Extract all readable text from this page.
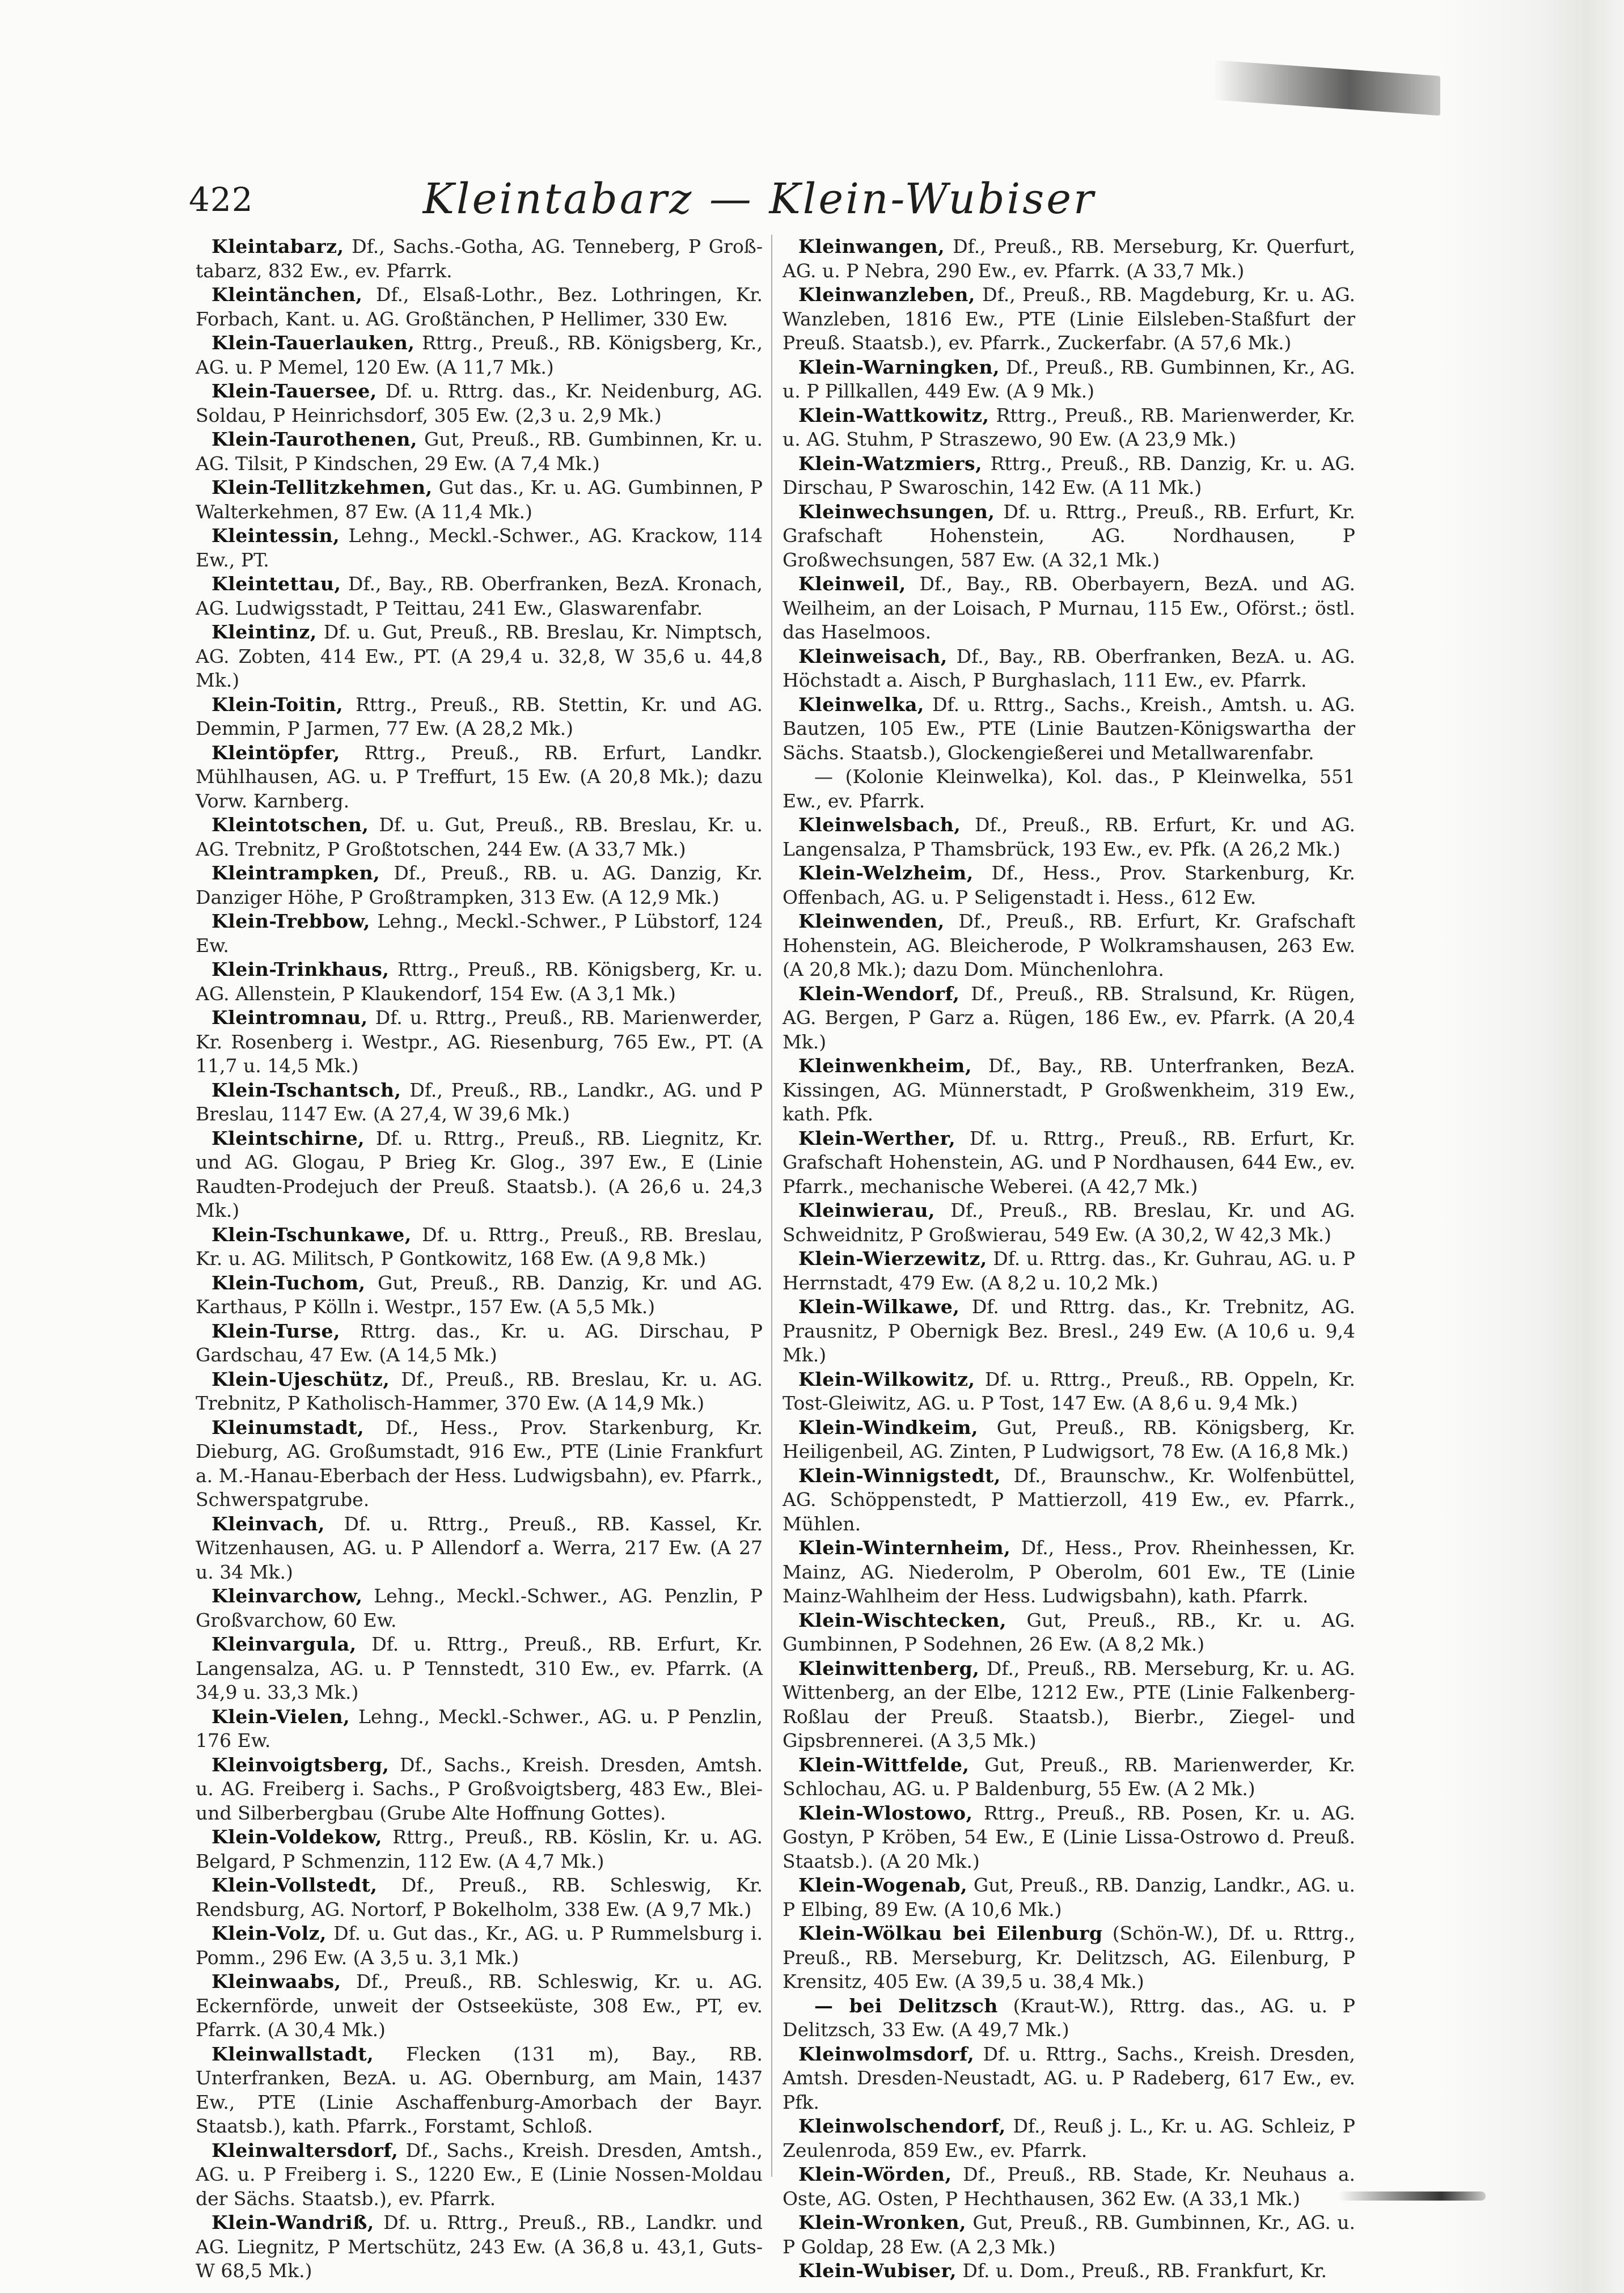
422	Kleintabarz — Klein-Wubiser

Kleintabarz, Df., Sachs.-Gotha, AG. Tenneberg, P Groß-tabarz, 832 Ew., ev. Pfarrk.

Kleintänchen, Df., Elsaß-Lothr., Bez. Lothringen, Kr. Forbach, Kant. u. AG. Großtänchen, P Hellimer, 330 Ew.

Klein-Tauerlauken, Rttrg., Preuß., RB. Königsberg, Kr., AG. u. P Memel, 120 Ew. (A 11,7 Mk.)

Klein-Tauersee, Df. u. Rttrg. das., Kr. Neidenburg, AG. Soldau, P Heinrichsdorf, 305 Ew. (2,3 u. 2,9 Mk.)

Klein-Taurothenen, Gut, Preuß., RB. Gumbinnen, Kr. u. AG. Tilsit, P Kindschen, 29 Ew. (A 7,4 Mk.)

Klein-Tellitzkehmen, Gut das., Kr. u. AG. Gumbinnen, P Walterkehmen, 87 Ew. (A 11,4 Mk.)

Kleintessin, Lehng., Meckl.-Schwer., AG. Krackow, 114 Ew., PT.

Kleintettau, Df., Bay., RB. Oberfranken, BezA. Kronach, AG. Ludwigsstadt, P Teittau, 241 Ew., Glaswarenfabr.

Kleintinz, Df. u. Gut, Preuß., RB. Breslau, Kr. Nimptsch, AG. Zobten, 414 Ew., PT. (A 29,4 u. 32,8, W 35,6 u. 44,8 Mk.)

Klein-Toitin, Rttrg., Preuß., RB. Stettin, Kr. und AG. Demmin, P Jarmen, 77 Ew. (A 28,2 Mk.)

Kleintöpfer, Rttrg., Preuß., RB. Erfurt, Landkr. Mühlhausen, AG. u. P Treffurt, 15 Ew. (A 20,8 Mk.); dazu Vorw. Karnberg.

Kleintotschen, Df. u. Gut, Preuß., RB. Breslau, Kr. u. AG. Trebnitz, P Großtotschen, 244 Ew. (A 33,7 Mk.)

Kleintrampken, Df., Preuß., RB. u. AG. Danzig, Kr. Danziger Höhe, P Großtrampken, 313 Ew. (A 12,9 Mk.)

Klein-Trebbow, Lehng., Meckl.-Schwer., P Lübstorf, 124 Ew.

Klein-Trinkhaus, Rttrg., Preuß., RB. Königsberg, Kr. u. AG. Allenstein, P Klaukendorf, 154 Ew. (A 3,1 Mk.)

Kleintromnau, Df. u. Rttrg., Preuß., RB. Marienwerder, Kr. Rosenberg i. Westpr., AG. Riesenburg, 765 Ew., PT. (A 11,7 u. 14,5 Mk.)

Klein-Tschantsch, Df., Preuß., RB., Landkr., AG. und P Breslau, 1147 Ew. (A 27,4, W 39,6 Mk.)

Kleintschirne, Df. u. Rttrg., Preuß., RB. Liegnitz, Kr. und AG. Glogau, P Brieg Kr. Glog., 397 Ew., E (Linie Raudten-Prodejuch der Preuß. Staatsb.). (A 26,6 u. 24,3 Mk.)

Klein-Tschunkawe, Df. u. Rttrg., Preuß., RB. Breslau, Kr. u. AG. Militsch, P Gontkowitz, 168 Ew. (A 9,8 Mk.)

Klein-Tuchom, Gut, Preuß., RB. Danzig, Kr. und AG. Karthaus, P Kölln i. Westpr., 157 Ew. (A 5,5 Mk.)

Klein-Turse, Rttrg. das., Kr. u. AG. Dirschau, P Gardschau, 47 Ew. (A 14,5 Mk.)

Klein-Ujeschütz, Df., Preuß., RB. Breslau, Kr. u. AG. Trebnitz, P Katholisch-Hammer, 370 Ew. (A 14,9 Mk.)

Kleinumstadt, Df., Hess., Prov. Starkenburg, Kr. Dieburg, AG. Großumstadt, 916 Ew., PTE (Linie Frankfurt a. M.-Hanau-Eberbach der Hess. Ludwigsbahn), ev. Pfarrk., Schwerspatgrube.

Kleinvach, Df. u. Rttrg., Preuß., RB. Kassel, Kr. Witzenhausen, AG. u. P Allendorf a. Werra, 217 Ew. (A 27 u. 34 Mk.)

Kleinvarchow, Lehng., Meckl.-Schwer., AG. Penzlin, P Großvarchow, 60 Ew.

Kleinvargula, Df. u. Rttrg., Preuß., RB. Erfurt, Kr. Langensalza, AG. u. P Tennstedt, 310 Ew., ev. Pfarrk. (A 34,9 u. 33,3 Mk.)

Klein-Vielen, Lehng., Meckl.-Schwer., AG. u. P Penzlin, 176 Ew.

Kleinvoigtsberg, Df., Sachs., Kreish. Dresden, Amtsh. u. AG. Freiberg i. Sachs., P Großvoigtsberg, 483 Ew., Blei- und Silberbergbau (Grube Alte Hoffnung Gottes).

Klein-Voldekow, Rttrg., Preuß., RB. Köslin, Kr. u. AG. Belgard, P Schmenzin, 112 Ew. (A 4,7 Mk.)

Klein-Vollstedt, Df., Preuß., RB. Schleswig, Kr. Rendsburg, AG. Nortorf, P Bokelholm, 338 Ew. (A 9,7 Mk.)

Klein-Volz, Df. u. Gut das., Kr., AG. u. P Rummelsburg i. Pomm., 296 Ew. (A 3,5 u. 3,1 Mk.)

Kleinwaabs, Df., Preuß., RB. Schleswig, Kr. u. AG. Eckernförde, unweit der Ostseeküste, 308 Ew., PT, ev. Pfarrk. (A 30,4 Mk.)

Kleinwallstadt, Flecken (131 m), Bay., RB. Unterfranken, BezA. u. AG. Obernburg, am Main, 1437 Ew., PTE (Linie Aschaffenburg-Amorbach der Bayr. Staatsb.), kath. Pfarrk., Forstamt, Schloß.

Kleinwaltersdorf, Df., Sachs., Kreish. Dresden, Amtsh., AG. u. P Freiberg i. S., 1220 Ew., E (Linie Nossen-Moldau der Sächs. Staatsb.), ev. Pfarrk.

Klein-Wandriß, Df. u. Rttrg., Preuß., RB., Landkr. und AG. Liegnitz, P Mertschütz, 243 Ew. (A 36,8 u. 43,1, Guts-W 68,5 Mk.)

Kleinwangen, Df., Preuß., RB. Merseburg, Kr. Querfurt, AG. u. P Nebra, 290 Ew., ev. Pfarrk. (A 33,7 Mk.)

Kleinwanzleben, Df., Preuß., RB. Magdeburg, Kr. u. AG. Wanzleben, 1816 Ew., PTE (Linie Eilsleben-Staßfurt der Preuß. Staatsb.), ev. Pfarrk., Zuckerfabr. (A 57,6 Mk.)

Klein-Warningken, Df., Preuß., RB. Gumbinnen, Kr., AG. u. P Pillkallen, 449 Ew. (A 9 Mk.)

Klein-Wattkowitz, Rttrg., Preuß., RB. Marienwerder, Kr. u. AG. Stuhm, P Straszewo, 90 Ew. (A 23,9 Mk.)

Klein-Watzmiers, Rttrg., Preuß., RB. Danzig, Kr. u. AG. Dirschau, P Swaroschin, 142 Ew. (A 11 Mk.)

Kleinwechsungen, Df. u. Rttrg., Preuß., RB. Erfurt, Kr. Grafschaft Hohenstein, AG. Nordhausen, P Großwechsungen, 587 Ew. (A 32,1 Mk.)

Kleinweil, Df., Bay., RB. Oberbayern, BezA. und AG. Weilheim, an der Loisach, P Murnau, 115 Ew., Oförst.; östl. das Haselmoos.

Kleinweisach, Df., Bay., RB. Oberfranken, BezA. u. AG. Höchstadt a. Aisch, P Burghaslach, 111 Ew., ev. Pfarrk.

Kleinwelka, Df. u. Rttrg., Sachs., Kreish., Amtsh. u. AG. Bautzen, 105 Ew., PTE (Linie Bautzen-Königswartha der Sächs. Staatsb.), Glockengießerei und Metallwarenfabr.

— (Kolonie Kleinwelka), Kol. das., P Kleinwelka, 551 Ew., ev. Pfarrk.

Kleinwelsbach, Df., Preuß., RB. Erfurt, Kr. und AG. Langensalza, P Thamsbrück, 193 Ew., ev. Pfk. (A 26,2 Mk.)

Klein-Welzheim, Df., Hess., Prov. Starkenburg, Kr. Offenbach, AG. u. P Seligenstadt i. Hess., 612 Ew.

Kleinwenden, Df., Preuß., RB. Erfurt, Kr. Grafschaft Hohenstein, AG. Bleicherode, P Wolkramshausen, 263 Ew. (A 20,8 Mk.); dazu Dom. Münchenlohra.

Klein-Wendorf, Df., Preuß., RB. Stralsund, Kr. Rügen, AG. Bergen, P Garz a. Rügen, 186 Ew., ev. Pfarrk. (A 20,4 Mk.)

Kleinwenkheim, Df., Bay., RB. Unterfranken, BezA. Kissingen, AG. Münnerstadt, P Großwenkheim, 319 Ew., kath. Pfk.

Klein-Werther, Df. u. Rttrg., Preuß., RB. Erfurt, Kr. Grafschaft Hohenstein, AG. und P Nordhausen, 644 Ew., ev. Pfarrk., mechanische Weberei. (A 42,7 Mk.)

Kleinwierau, Df., Preuß., RB. Breslau, Kr. und AG. Schweidnitz, P Großwierau, 549 Ew. (A 30,2, W 42,3 Mk.)

Klein-Wierzewitz, Df. u. Rttrg. das., Kr. Guhrau, AG. u. P Herrnstadt, 479 Ew. (A 8,2 u. 10,2 Mk.)

Klein-Wilkawe, Df. und Rttrg. das., Kr. Trebnitz, AG. Prausnitz, P Obernigk Bez. Bresl., 249 Ew. (A 10,6 u. 9,4 Mk.)

Klein-Wilkowitz, Df. u. Rttrg., Preuß., RB. Oppeln, Kr. Tost-Gleiwitz, AG. u. P Tost, 147 Ew. (A 8,6 u. 9,4 Mk.)

Klein-Windkeim, Gut, Preuß., RB. Königsberg, Kr. Heiligenbeil, AG. Zinten, P Ludwigsort, 78 Ew. (A 16,8 Mk.)

Klein-Winnigstedt, Df., Braunschw., Kr. Wolfenbüttel, AG. Schöppenstedt, P Mattierzoll, 419 Ew., ev. Pfarrk., Mühlen.

Klein-Winternheim, Df., Hess., Prov. Rheinhessen, Kr. Mainz, AG. Niederolm, P Oberolm, 601 Ew., TE (Linie Mainz-Wahlheim der Hess. Ludwigsbahn), kath. Pfarrk.

Klein-Wischtecken, Gut, Preuß., RB., Kr. u. AG. Gumbinnen, P Sodehnen, 26 Ew. (A 8,2 Mk.)

Kleinwittenberg, Df., Preuß., RB. Merseburg, Kr. u. AG. Wittenberg, an der Elbe, 1212 Ew., PTE (Linie Falkenberg-Roßlau der Preuß. Staatsb.), Bierbr., Ziegel- und Gipsbrennerei. (A 3,5 Mk.)

Klein-Wittfelde, Gut, Preuß., RB. Marienwerder, Kr. Schlochau, AG. u. P Baldenburg, 55 Ew. (A 2 Mk.)

Klein-Wlostowo, Rttrg., Preuß., RB. Posen, Kr. u. AG. Gostyn, P Kröben, 54 Ew., E (Linie Lissa-Ostrowo d. Preuß. Staatsb.). (A 20 Mk.)

Klein-Wogenab, Gut, Preuß., RB. Danzig, Landkr., AG. u. P Elbing, 89 Ew. (A 10,6 Mk.)

Klein-Wölkau bei Eilenburg (Schön-W.), Df. u. Rttrg., Preuß., RB. Merseburg, Kr. Delitzsch, AG. Eilenburg, P Krensitz, 405 Ew. (A 39,5 u. 38,4 Mk.)

— bei Delitzsch (Kraut-W.), Rttrg. das., AG. u. P Delitzsch, 33 Ew. (A 49,7 Mk.)

Kleinwolmsdorf, Df. u. Rttrg., Sachs., Kreish. Dresden, Amtsh. Dresden-Neustadt, AG. u. P Radeberg, 617 Ew., ev. Pfk.

Kleinwolschendorf, Df., Reuß j. L., Kr. u. AG. Schleiz, P Zeulenroda, 859 Ew., ev. Pfarrk.

Klein-Wörden, Df., Preuß., RB. Stade, Kr. Neuhaus a. Oste, AG. Osten, P Hechthausen, 362 Ew. (A 33,1 Mk.)

Klein-Wronken, Gut, Preuß., RB. Gumbinnen, Kr., AG. u. P Goldap, 28 Ew. (A 2,3 Mk.)

Klein-Wubiser, Df. u. Dom., Preuß., RB. Frankfurt, Kr.
